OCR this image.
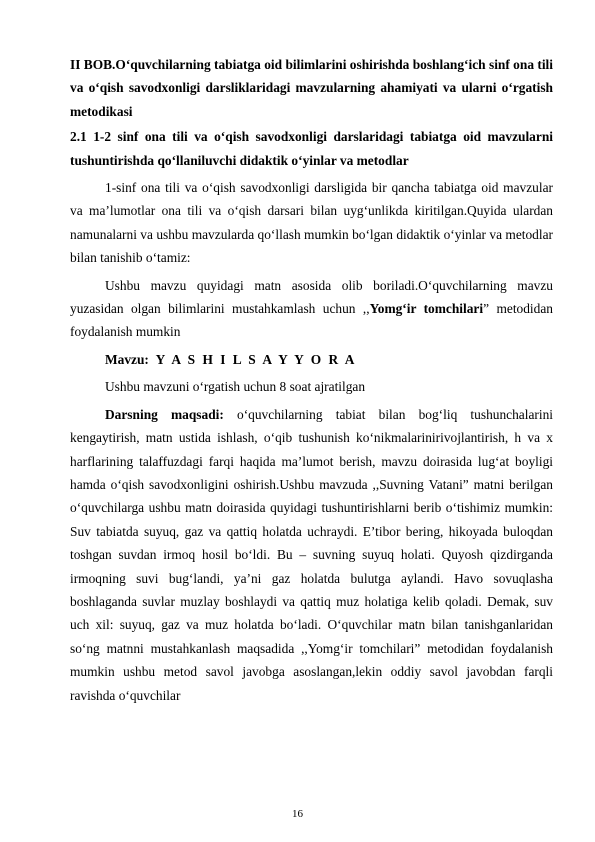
II BOB.O‘quvchilarning tabiatga oid bilimlarini oshirishda boshlang‘ich sinf ona tili va o‘qish savodxonligi darsliklaridagi mavzularning ahamiyati va ularni o‘rgatish metodikasi

2.1 1-2 sinf ona tili va o‘qish savodxonligi darslaridagi tabiatga oid mavzularni tushuntirishda qo‘llaniluvchi didaktik o‘yinlar va metodlar

1-sinf ona tili va o‘qish savodxonligi darsligida bir qancha tabiatga oid mavzular va ma’lumotlar ona tili va o‘qish darsari bilan uyg‘unlikda kiritilgan.Quyida ulardan namunalarni va ushbu mavzularda qo‘llash mumkin bo‘lgan didaktik o‘yinlar va metodlar bilan tanishib o‘tamiz:

Ushbu mavzu quyidagi matn asosida olib boriladi.O‘quvchilarning mavzu yuzasidan olgan bilimlarini mustahkamlash uchun ,,Yomg‘ir tomchilari” metodidan foydalanish mumkin

Mavzu: Y A S H I L S A Y Y O R A

Ushbu mavzuni o‘rgatish uchun 8 soat ajratilgan

Darsning maqsadi: o‘quvchilarning tabiat bilan bog‘liq tushunchalarini kengaytirish, matn ustida ishlash, o‘qib tushunish ko‘nikmalarinirivojlantirish, h va x harflarining talaffuzdagi farqi haqida ma’lumot berish, mavzu doirasida lug‘at boyligi hamda o‘qish savodxonligini oshirish.Ushbu mavzuda ,,Suvning Vatani” matni berilgan o‘quvchilarga ushbu matn doirasida quyidagi tushuntirishlarni berib o‘tishimiz mumkin: Suv tabiatda suyuq, gaz va qattiq holatda uchraydi. E’tibor bering, hikoyada buloqdan toshgan suvdan irmoq hosil bo‘ldi. Bu – suvning suyuq holati. Quyosh qizdirganda irmoqning suvi bug‘landi, ya’ni gaz holatda bulutga aylandi. Havo sovuqlasha boshlaganda suvlar muzlay boshlaydi va qattiq muz holatiga kelib qoladi. Demak, suv uch xil: suyuq, gaz va muz holatda bo‘ladi. O‘quvchilar matn bilan tanishganlaridan so‘ng matnni mustahkanlash maqsadida ,,Yomg‘ir tomchilari” metodidan foydalanish mumkin ushbu metod savol javobga asoslangan,lekin oddiy savol javobdan farqli ravishda o‘quvchilar

16
